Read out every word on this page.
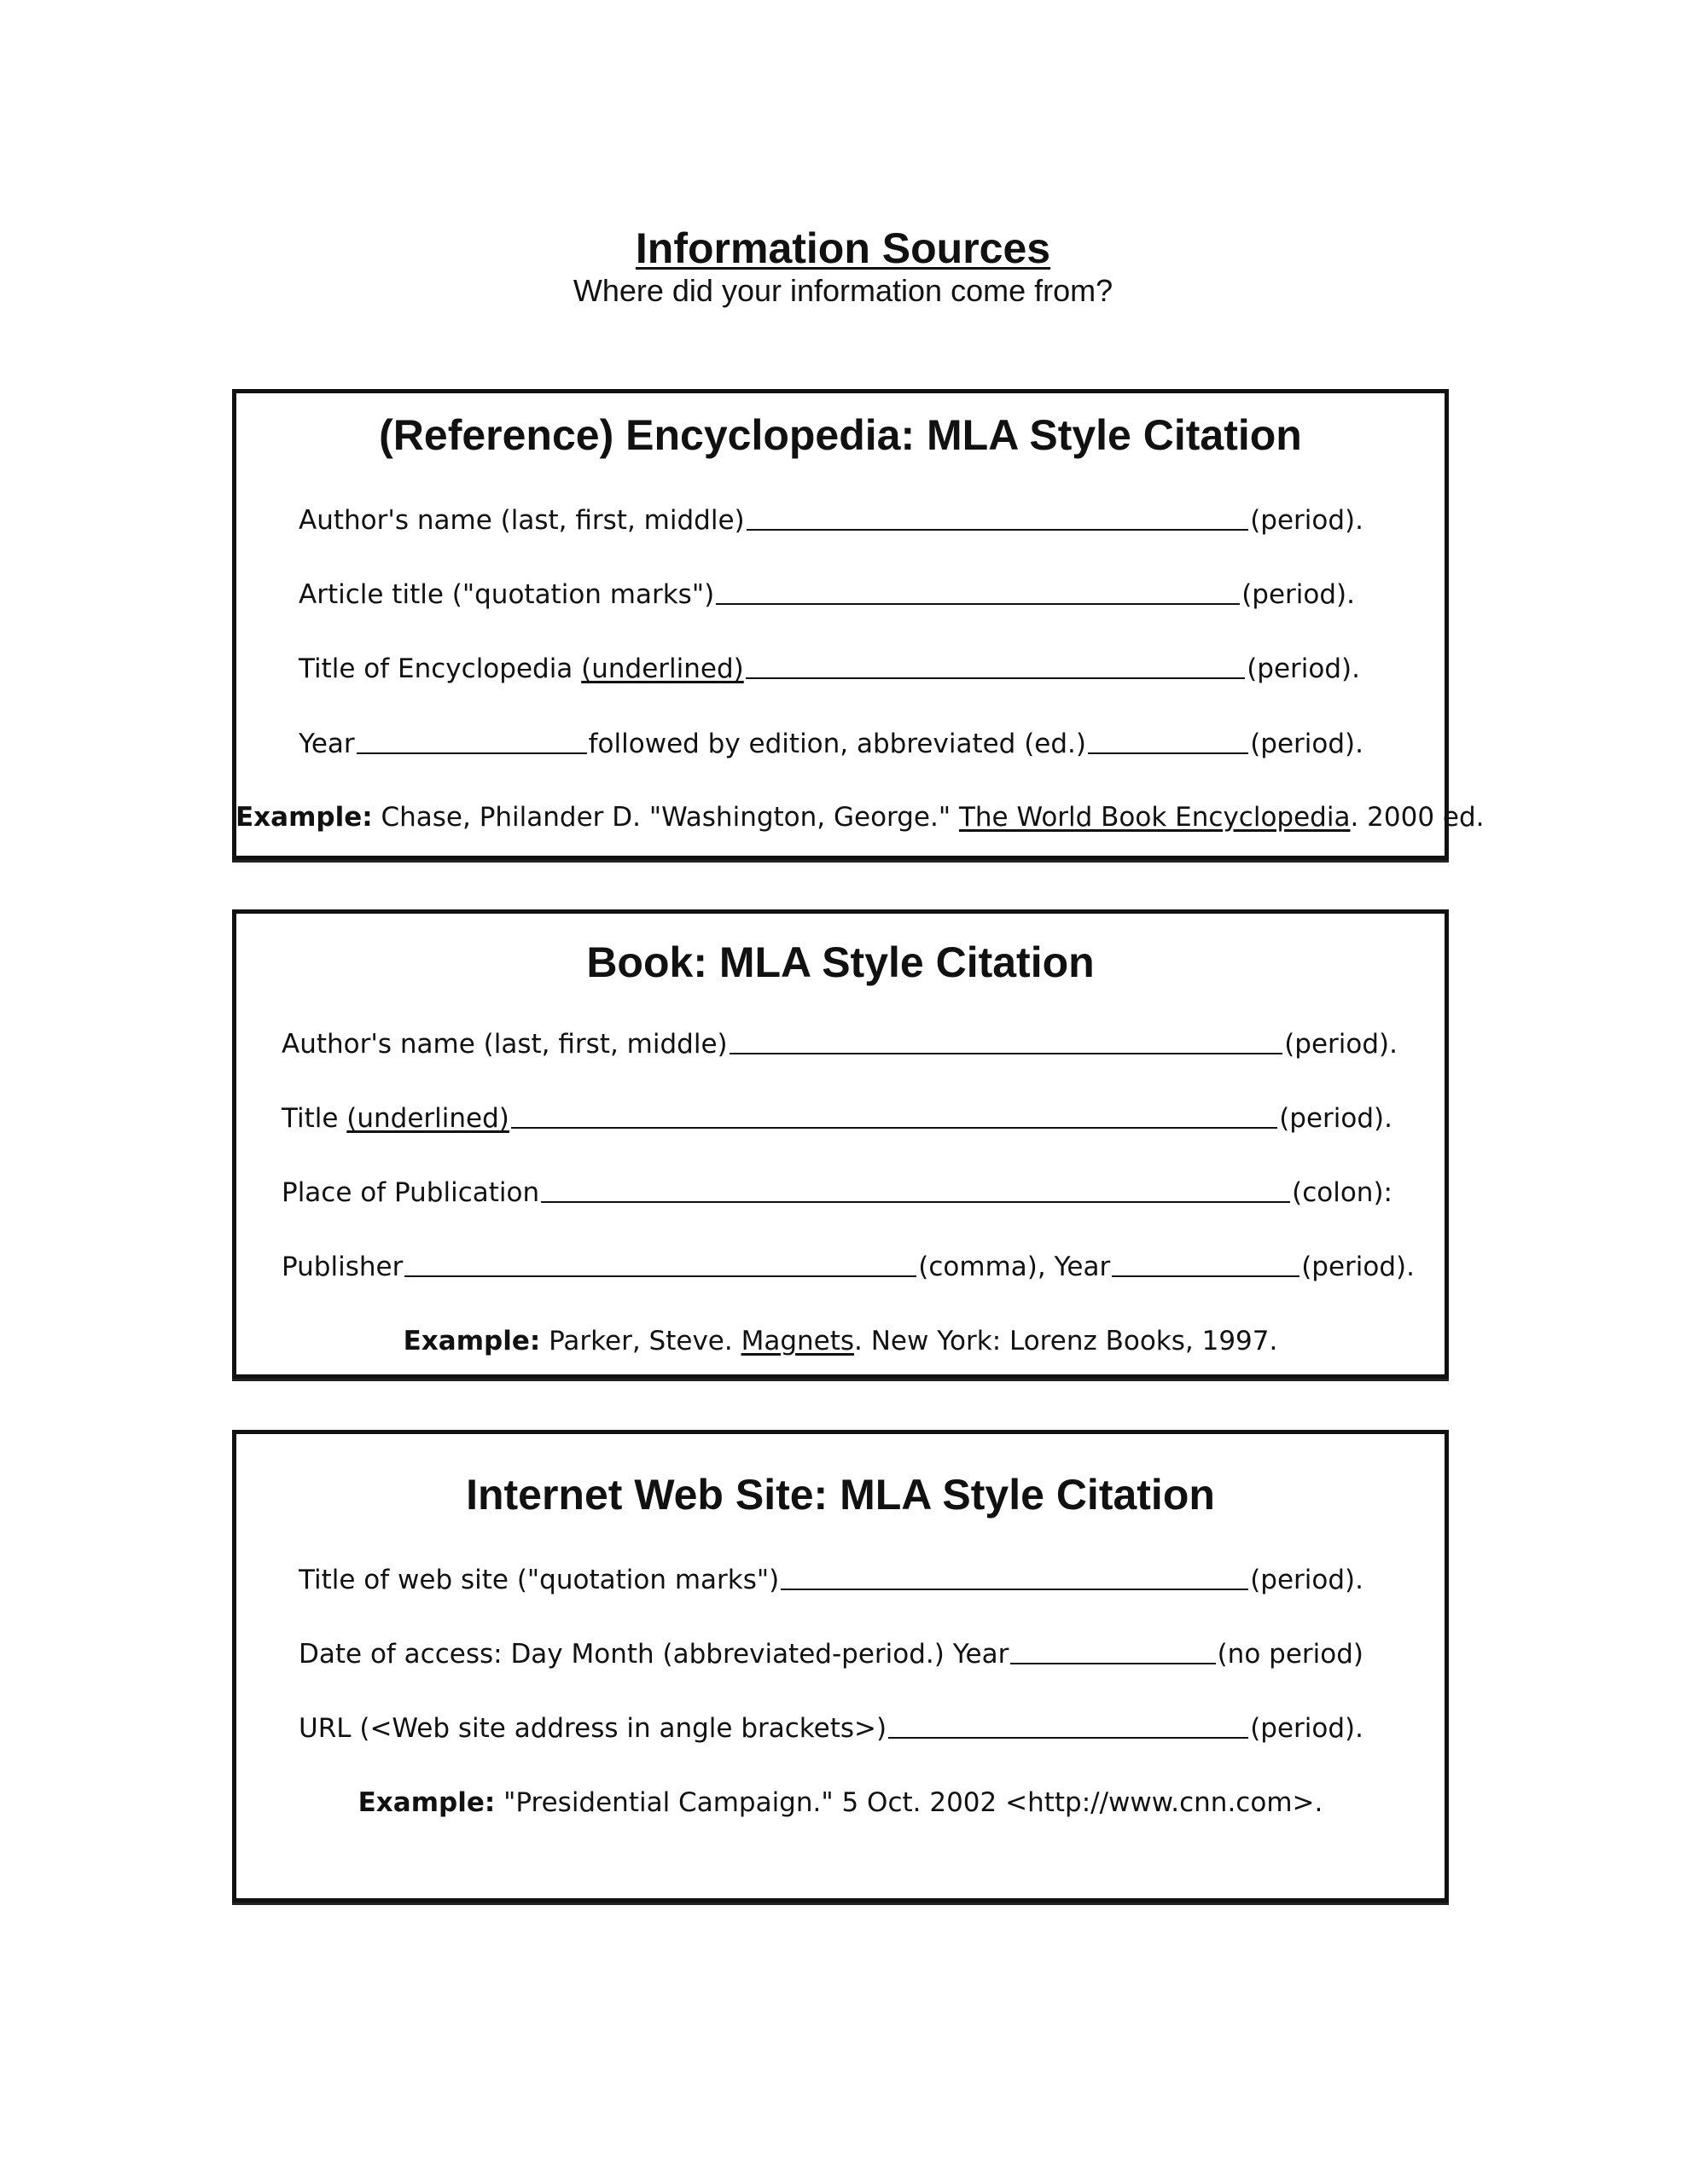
Information Sources
Where did your information come from?
(Reference) Encyclopedia: MLA Style Citation
Author's name (last, first, middle)	(period).
Article title ("quotation marks")	(period).
Title of Encyclopedia (underlined)	(period).
Year	followed by edition, abbreviated (ed.)	(period).
Example: Chase, Philander D. "Washington, George." The World Book Encyclopedia. 2000 ed.
Book: MLA Style Citation
Author's name (last, first, middle)	(period).
Title (underlined)	(period).
Place of Publication	(colon):
Publisher	(comma), Year	(period).
Example: Parker, Steve. Magnets. New York: Lorenz Books, 1997.
Internet Web Site: MLA Style Citation
Title of web site ("quotation marks")	(period).
Date of access: Day Month (abbreviated-period.) Year	(no period)
URL (<Web site address in angle brackets>)	(period).
Example: "Presidential Campaign." 5 Oct. 2002 <http://www.cnn.com>.
